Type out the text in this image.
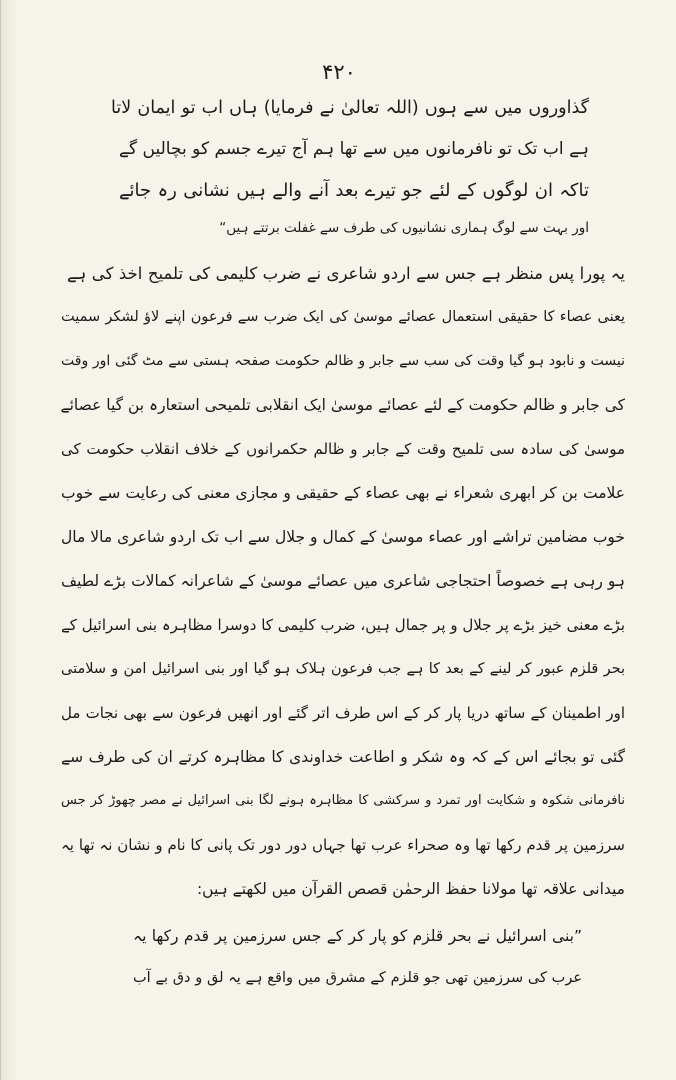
۴۲۰
گذاوروں میں سے ہوں (اللہ تعالیٰ نے فرمایا) ہاں اب تو ایمان لاتا
ہے اب تک تو نافرمانوں میں سے تھا ہم آج تیرے جسم کو بچالیں گے
تاکہ ان لوگوں کے لئے جو تیرے بعد آنے والے ہیں نشانی رہ جائے
اور بہت سے لوگ ہماری نشانیوں کی طرف سے غفلت برتتے ہیں“
یہ پورا پس منظر ہے جس سے اردو شاعری نے ضرب کلیمی کی تلمیح اخذ کی ہے
یعنی عصاء کا حقیقی استعمال عصائے موسیٰ کی ایک ضرب سے فرعون اپنے لاؤ لشکر سمیت
نیست و نابود ہو گیا وقت کی سب سے جابر و ظالم حکومت صفحہ ہستی سے مٹ گئی اور وقت
کی جابر و ظالم حکومت کے لئے عصائے موسیٰ ایک انقلابی تلمیحی استعارہ بن گیا عصائے
موسیٰ کی سادہ سی تلمیح وقت کے جابر و ظالم حکمرانوں کے خلاف انقلاب حکومت کی
علامت بن کر ابھری شعراء نے بھی عصاء کے حقیقی و مجازی معنی کی رعایت سے خوب
خوب مضامین تراشے اور عصاء موسیٰ کے کمال و جلال سے اب تک اردو شاعری مالا مال
ہو رہی ہے خصوصاً احتجاجی شاعری میں عصائے موسیٰ کے شاعرانہ کمالات بڑے لطیف
بڑے معنی خیز بڑے پر جلال و پر جمال ہیں، ضرب کلیمی کا دوسرا مظاہرہ بنی اسرائیل کے
بحر قلزم عبور کر لینے کے بعد کا ہے جب فرعون ہلاک ہو گیا اور بنی اسرائیل امن و سلامتی
اور اطمینان کے ساتھ دریا پار کر کے اس طرف اتر گئے اور انھیں فرعون سے بھی نجات مل
گئی تو بجائے اس کے کہ وہ شکر و اطاعت خداوندی کا مظاہرہ کرتے ان کی طرف سے
نافرمانی شکوہ و شکایت اور تمرد و سرکشی کا مظاہرہ ہونے لگا بنی اسرائیل نے مصر چھوڑ کر جس
سرزمین پر قدم رکھا تھا وہ صحراء عرب تھا جہاں دور دور تک پانی کا نام و نشان نہ تھا یہ
میدانی علاقہ تھا مولانا حفظ الرحمٰن قصص القرآن میں لکھتے ہیں:
”بنی اسرائیل نے بحر قلزم کو پار کر کے جس سرزمین پر قدم رکھا یہ
عرب کی سرزمین تھی جو قلزم کے مشرق میں واقع ہے یہ لق و دق بے آب
